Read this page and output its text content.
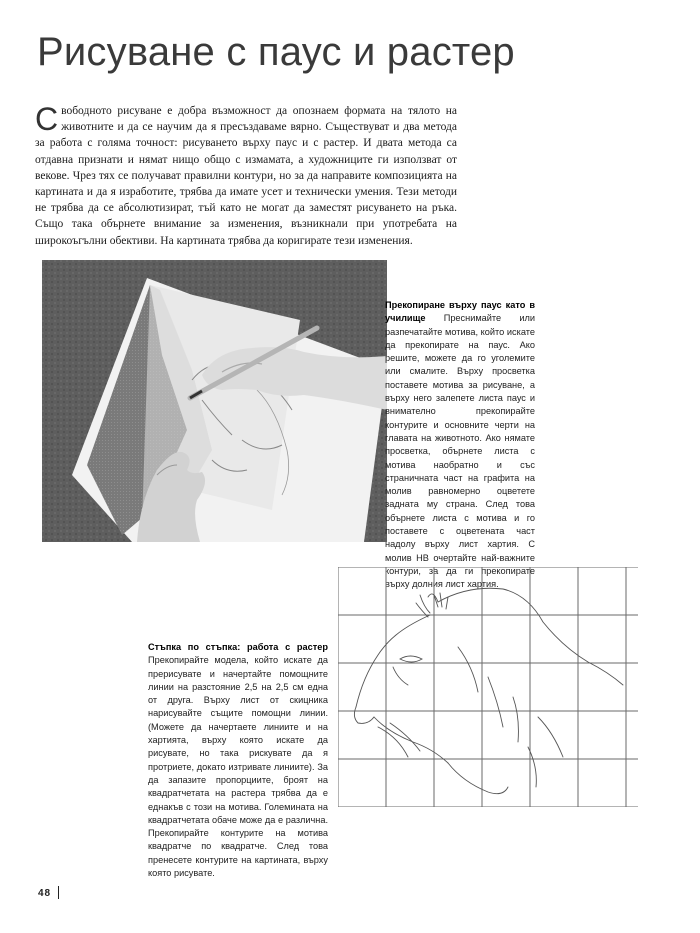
Рисуване с паус и растер

Свободното рисуване е добра възможност да опознаем формата на тялото на животните и да се научим да я пресъздаваме вярно. Съществуват и два метода за работа с голяма точност: рисуването върху паус и с растер. И двата метода са отдавна признати и нямат нищо общо с измамата, а художниците ги използват от векове. Чрез тях се получават правилни контури, но за да направите композицията на картината и да я изработите, трябва да имате усет и технически умения. Тези методи не трябва да се абсолютизират, тъй като не могат да заместят рисуването на ръка. Също така обърнете внимание за изменения, възникнали при употребата на широкоъгълни обективи. На картината трябва да коригирате тези изменения.

Прекопиране върху паус като в училище Преснимайте или разпечатайте мотива, който искате да прекопирате на паус. Ако решите, можете да го уголемите или смалите. Върху просветка поставете мотива за рисуване, а върху него залепете листа паус и внимателно прекопирайте контурите и основните черти на главата на животното. Ако нямате просветка, обърнете листа с мотива наобратно и със страничната част на графита на молив равномерно оцветете задната му страна. След това обърнете листа с мотива и го поставете с оцветената част надолу върху лист хартия. С молив HB очертайте най-важните контури, за да ги прекопирате върху долния лист хартия.

Стъпка по стъпка: работа с растер Прекопирайте модела, който искате да прерисувате и начертайте помощните линии на разстояние 2,5 на 2,5 см една от друга. Върху лист от скицника нарисувайте същите помощни линии. (Можете да начертаете линиите и на хартията, върху която искате да рисувате, но така рискувате да я протриете, докато изтривате линиите). За да запазите пропорциите, броят на квадратчетата на растера трябва да е еднакъв с този на мотива. Големината на квадратчетата обаче може да е различна. Прекопирайте контурите на мотива квадратче по квадратче. След това пренесете контурите на картината, върху която рисувате.

48
